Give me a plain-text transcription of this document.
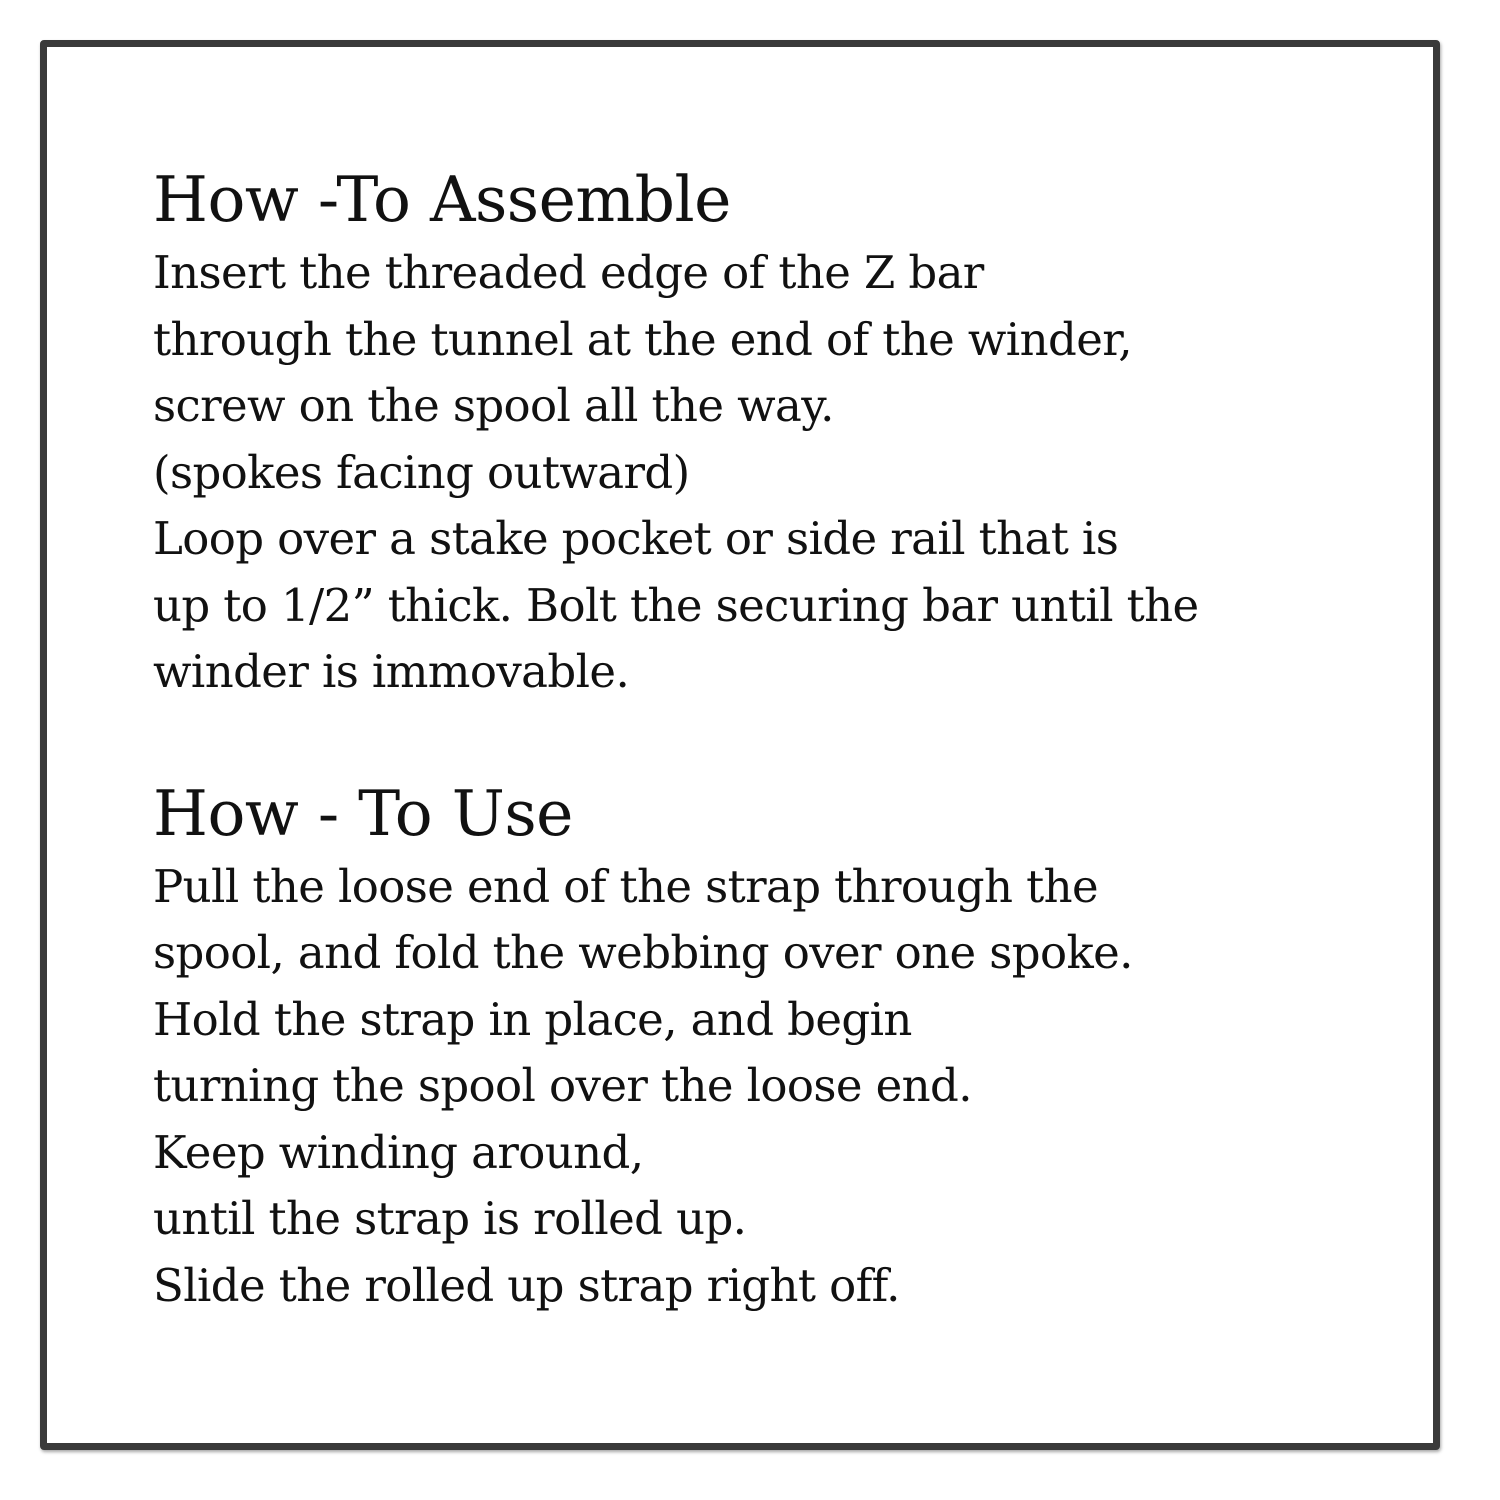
How -To Assemble

Insert the threaded edge of the Z bar

through the tunnel at the end of the winder,

screw on the spool all the way.

(spokes facing outward)

Loop over a stake pocket or side rail that is

up to 1/2” thick. Bolt the securing bar until the

winder is immovable.

How - To Use

Pull the loose end of the strap through the

spool, and fold the webbing over one spoke.

Hold the strap in place, and begin

turning the spool over the loose end.

Keep winding around,

until the strap is rolled up.

Slide the rolled up strap right off.
